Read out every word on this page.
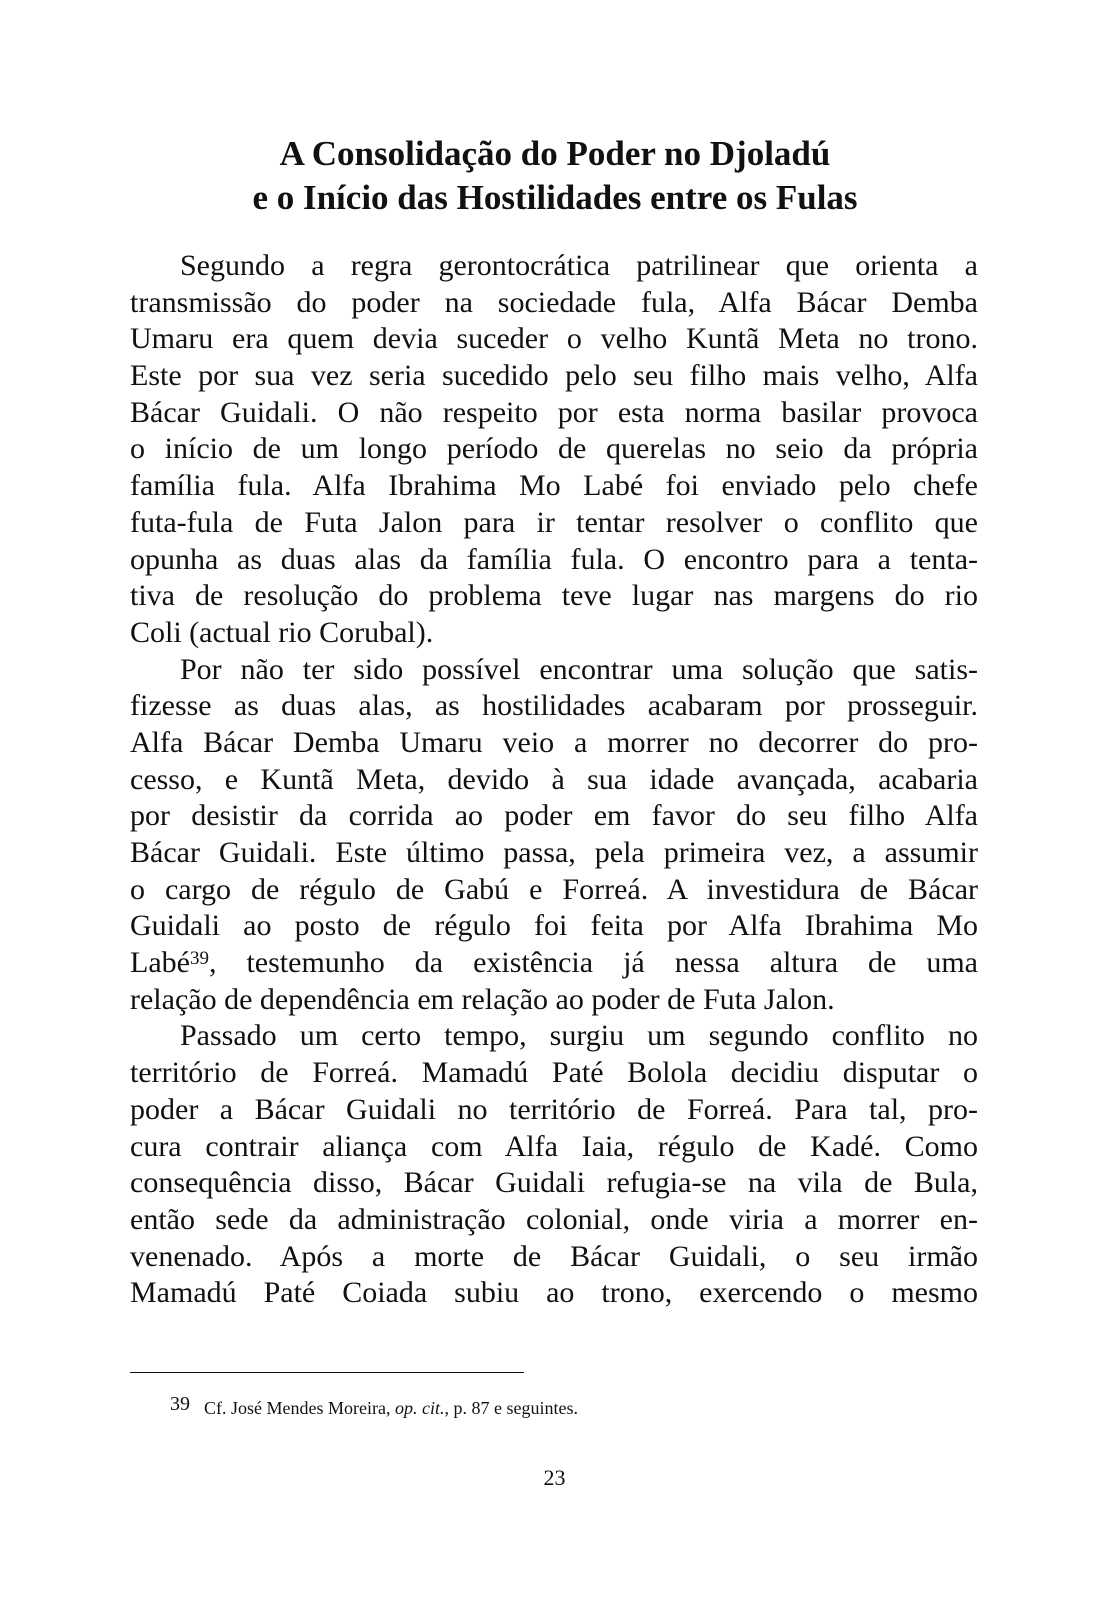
A Consolidação do Poder no Djoladú
e o Início das Hostilidades entre os Fulas
Segundo a regra gerontocrática patrilinear que orienta a
transmissão do poder na sociedade fula, Alfa Bácar Demba
Umaru era quem devia suceder o velho Kuntã Meta no trono.
Este por sua vez seria sucedido pelo seu filho mais velho, Alfa
Bácar Guidali. O não respeito por esta norma basilar provoca
o início de um longo período de querelas no seio da própria
família fula. Alfa Ibrahima Mo Labé foi enviado pelo chefe
futa-fula de Futa Jalon para ir tentar resolver o conflito que
opunha as duas alas da família fula. O encontro para a tenta-
tiva de resolução do problema teve lugar nas margens do rio
Coli (actual rio Corubal).
Por não ter sido possível encontrar uma solução que satis-
fizesse as duas alas, as hostilidades acabaram por prosseguir.
Alfa Bácar Demba Umaru veio a morrer no decorrer do pro-
cesso, e Kuntã Meta, devido à sua idade avançada, acabaria
por desistir da corrida ao poder em favor do seu filho Alfa
Bácar Guidali. Este último passa, pela primeira vez, a assumir
o cargo de régulo de Gabú e Forreá. A investidura de Bácar
Guidali ao posto de régulo foi feita por Alfa Ibrahima Mo
Labé$^{39}$, testemunho da existência já nessa altura de uma
relação de dependência em relação ao poder de Futa Jalon.
Passado um certo tempo, surgiu um segundo conflito no
território de Forreá. Mamadú Paté Bolola decidiu disputar o
poder a Bácar Guidali no território de Forreá. Para tal, pro-
cura contrair aliança com Alfa Iaia, régulo de Kadé. Como
consequência disso, Bácar Guidali refugia-se na vila de Bula,
então sede da administração colonial, onde viria a morrer en-
venenado. Após a morte de Bácar Guidali, o seu irmão
Mamadú Paté Coiada subiu ao trono, exercendo o mesmo
39 Cf. José Mendes Moreira, op. cit., p. 87 e seguintes.
23
